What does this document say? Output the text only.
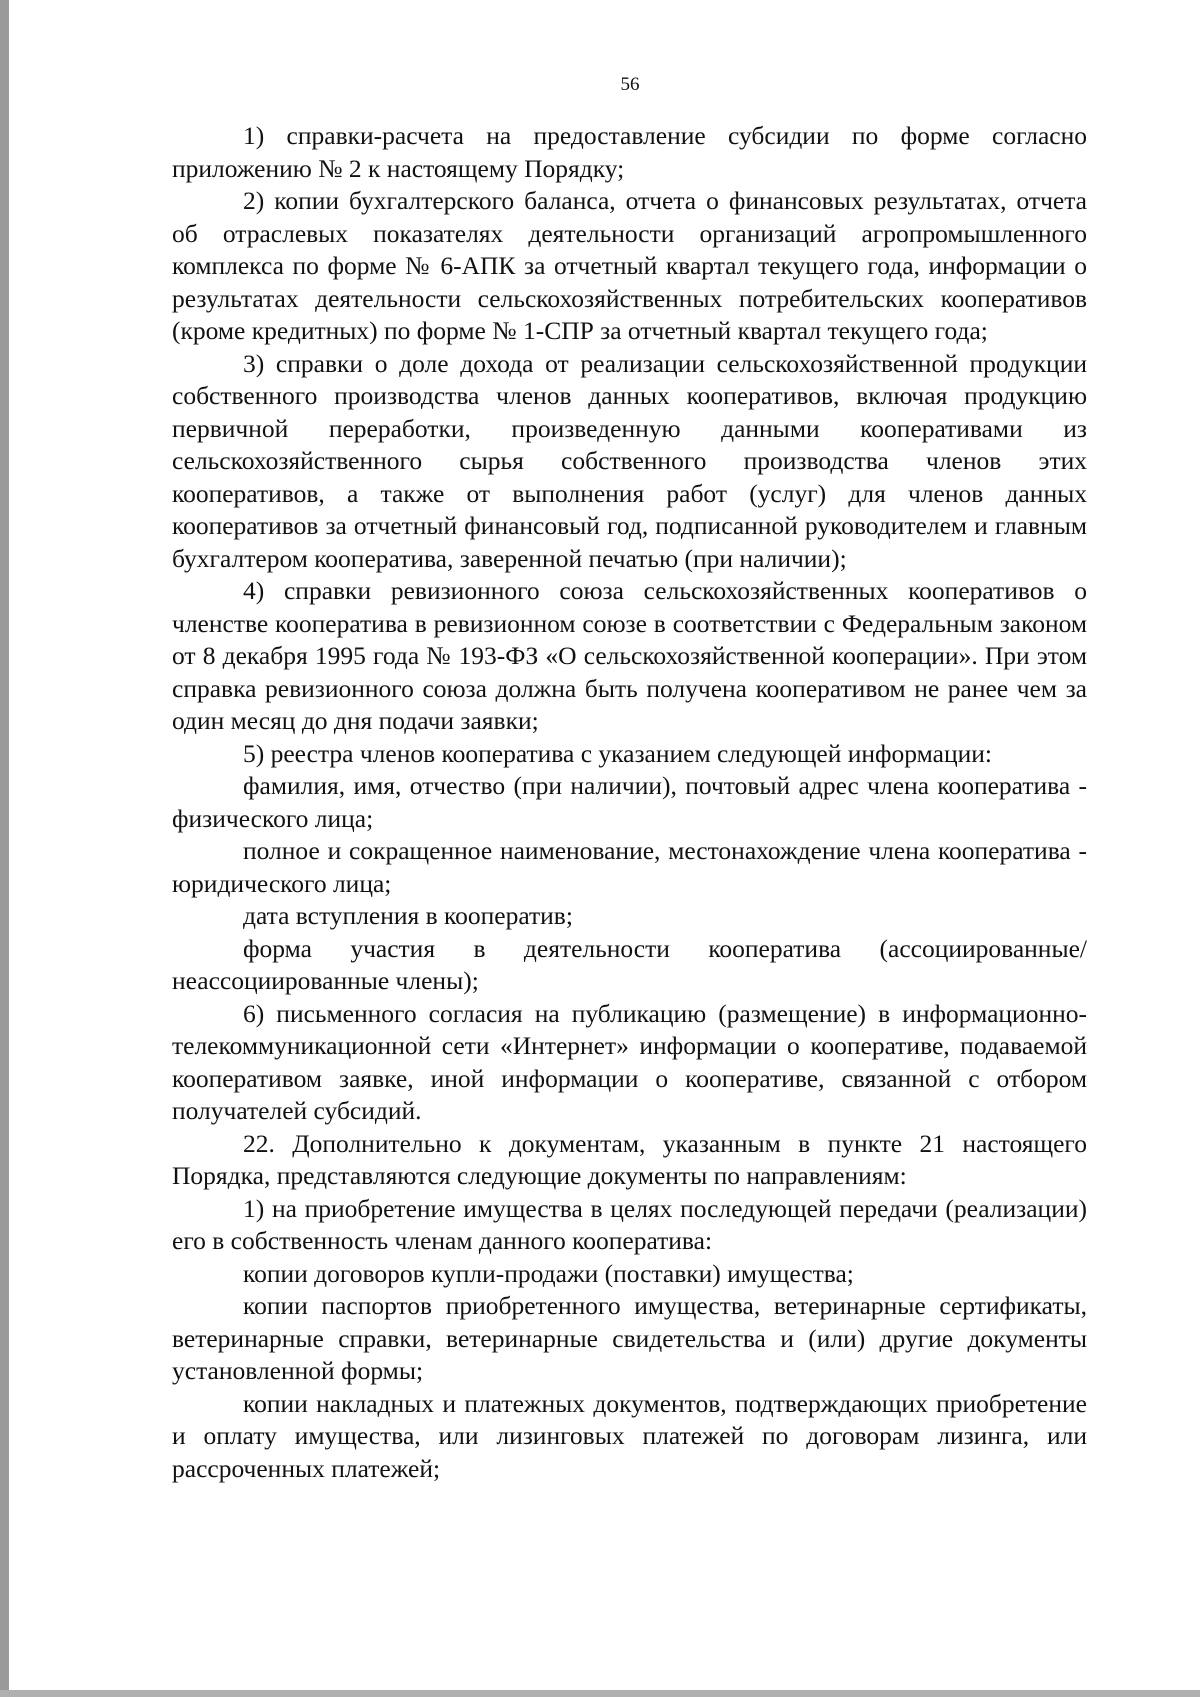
56

1) справки-расчета на предоставление субсидии по форме согласно приложению № 2 к настоящему Порядку;

2) копии бухгалтерского баланса, отчета о финансовых результатах, отчета об отраслевых показателях деятельности организаций агропромышленного комплекса по форме № 6-АПК за отчетный квартал текущего года, информации о результатах деятельности сельскохозяйственных потребительских кооперативов (кроме кредитных) по форме № 1-СПР за отчетный квартал текущего года;

3) справки о доле дохода от реализации сельскохозяйственной продукции собственного производства членов данных кооперативов, включая продукцию первичной переработки, произведенную данными кооперативами из сельскохозяйственного сырья собственного производства членов этих кооперативов, а также от выполнения работ (услуг) для членов данных кооперативов за отчетный финансовый год, подписанной руководителем и главным бухгалтером кооператива, заверенной печатью (при наличии);

4) справки ревизионного союза сельскохозяйственных кооперативов о членстве кооператива в ревизионном союзе в соответствии с Федеральным законом от 8 декабря 1995 года № 193-ФЗ «О сельскохозяйственной кооперации». При этом справка ревизионного союза должна быть получена кооперативом не ранее чем за один месяц до дня подачи заявки;

5) реестра членов кооператива с указанием следующей информации:

фамилия, имя, отчество (при наличии), почтовый адрес члена кооператива - физического лица;

полное и сокращенное наименование, местонахождение члена кооператива - юридического лица;

дата вступления в кооператив;

форма участия в деятельности кооператива (ассоциированные/неассоциированные члены);

6) письменного согласия на публикацию (размещение) в информационно-телекоммуникационной сети «Интернет» информации о кооперативе, подаваемой кооперативом заявке, иной информации о кооперативе, связанной с отбором получателей субсидий.

22. Дополнительно к документам, указанным в пункте 21 настоящего Порядка, представляются следующие документы по направлениям:

1) на приобретение имущества в целях последующей передачи (реализации) его в собственность членам данного кооператива:

копии договоров купли-продажи (поставки) имущества;

копии паспортов приобретенного имущества, ветеринарные сертификаты, ветеринарные справки, ветеринарные свидетельства и (или) другие документы установленной формы;

копии накладных и платежных документов, подтверждающих приобретение и оплату имущества, или лизинговых платежей по договорам лизинга, или рассроченных платежей;
